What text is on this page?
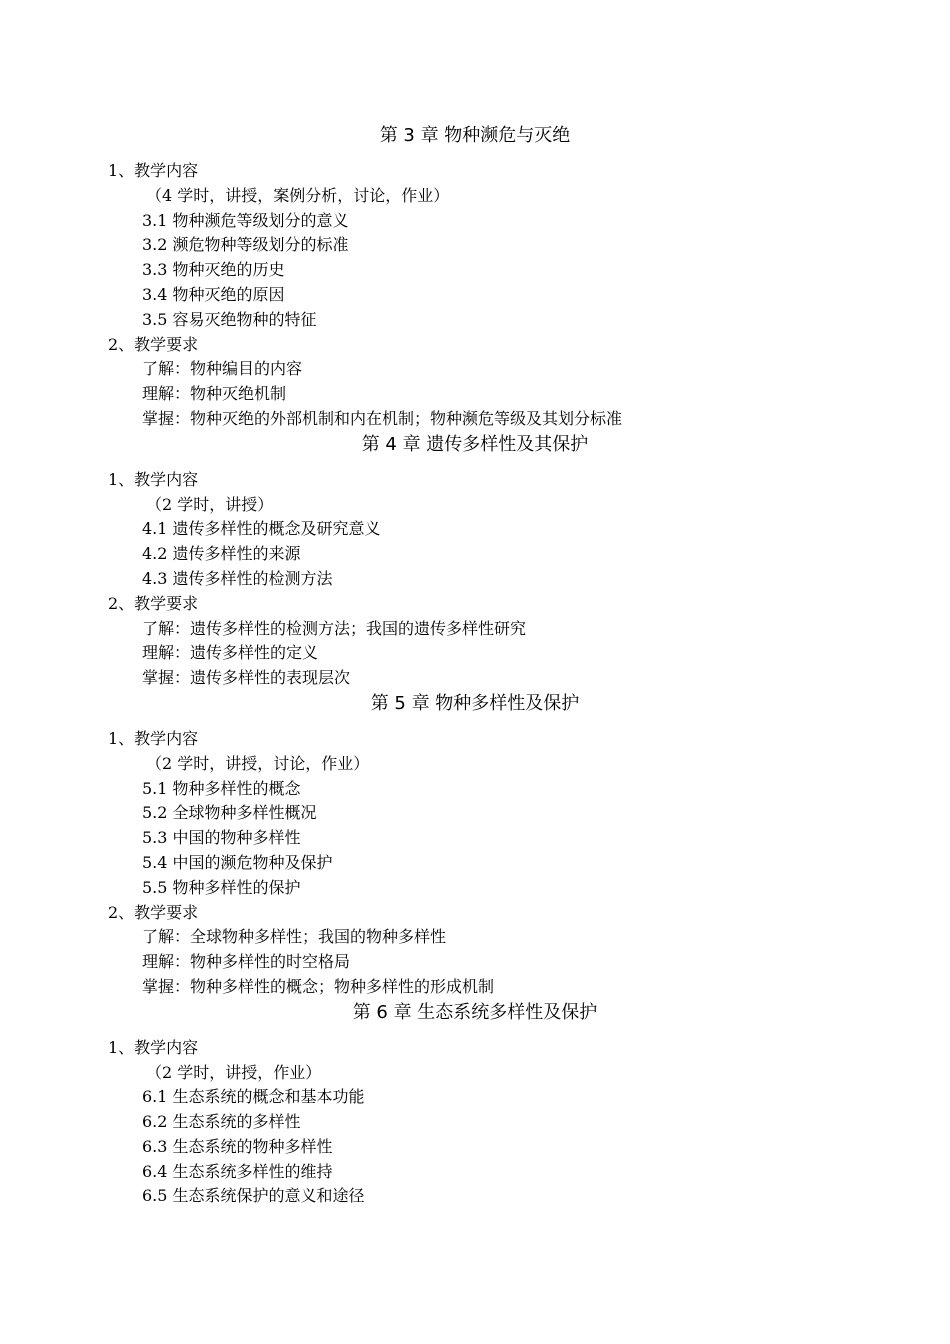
第 3 章 物种濒危与灭绝
1、教学内容
（4 学时，讲授，案例分析，讨论，作业）
3.1 物种濒危等级划分的意义
3.2 濒危物种等级划分的标准
3.3 物种灭绝的历史
3.4 物种灭绝的原因
3.5 容易灭绝物种的特征
2、教学要求
了解：物种编目的内容
理解：物种灭绝机制
掌握：物种灭绝的外部机制和内在机制；物种濒危等级及其划分标准
第 4 章 遗传多样性及其保护
1、教学内容
（2 学时，讲授）
4.1 遗传多样性的概念及研究意义
4.2 遗传多样性的来源
4.3 遗传多样性的检测方法
2、教学要求
了解：遗传多样性的检测方法；我国的遗传多样性研究
理解：遗传多样性的定义
掌握：遗传多样性的表现层次
第 5 章 物种多样性及保护
1、教学内容
（2 学时，讲授，讨论，作业）
5.1 物种多样性的概念
5.2 全球物种多样性概况
5.3 中国的物种多样性
5.4 中国的濒危物种及保护
5.5 物种多样性的保护
2、教学要求
了解：全球物种多样性；我国的物种多样性
理解：物种多样性的时空格局
掌握：物种多样性的概念；物种多样性的形成机制
第 6 章 生态系统多样性及保护
1、教学内容
（2 学时，讲授，作业）
6.1 生态系统的概念和基本功能
6.2 生态系统的多样性
6.3 生态系统的物种多样性
6.4 生态系统多样性的维持
6.5 生态系统保护的意义和途径
